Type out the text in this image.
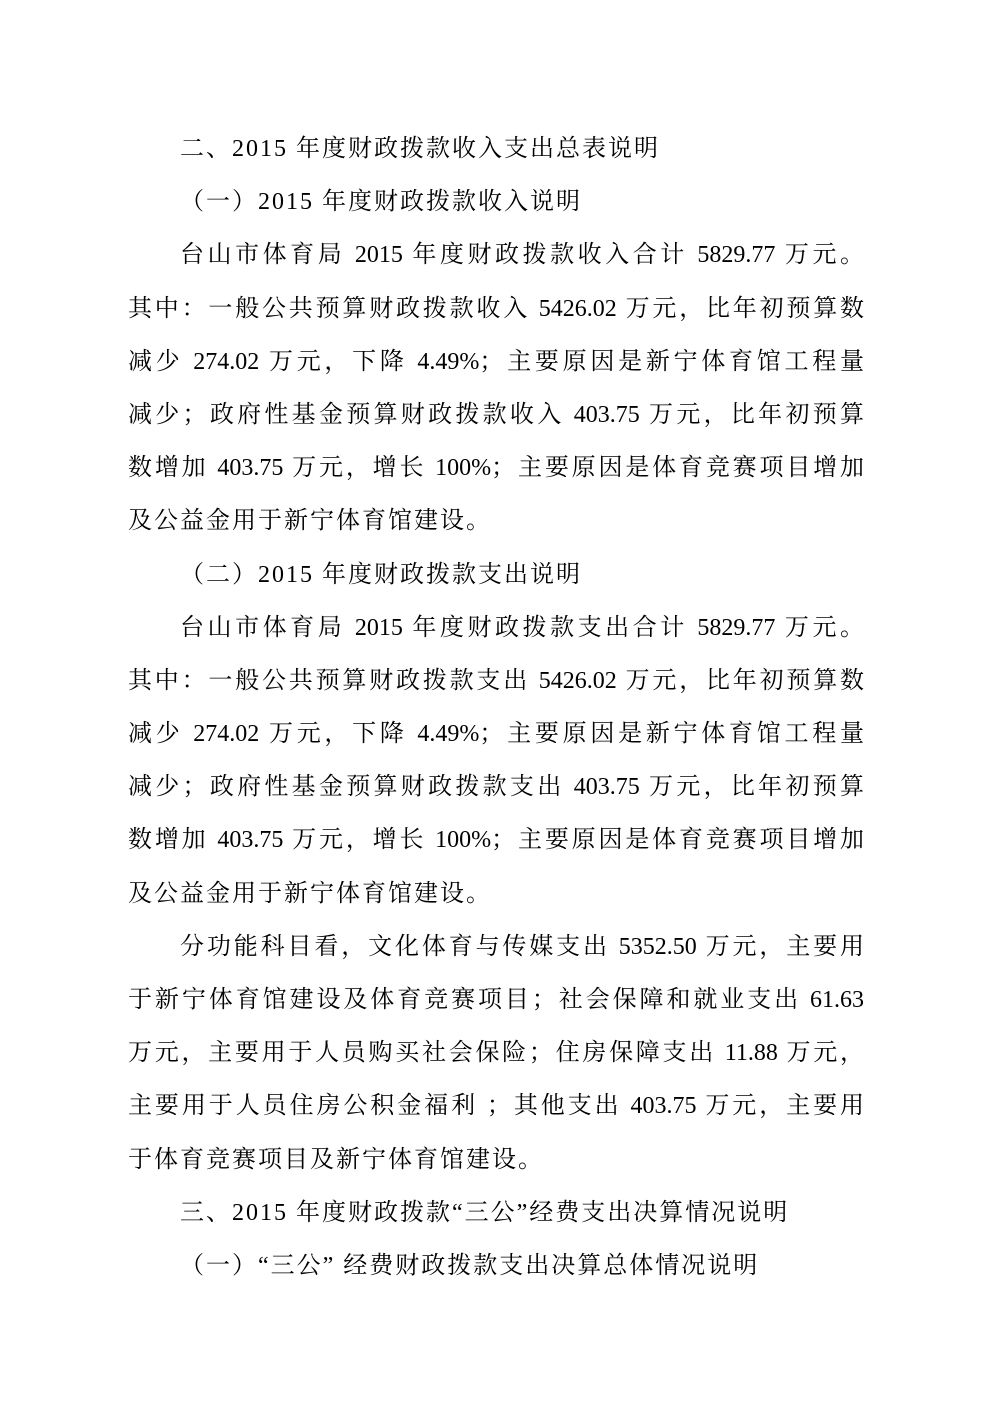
二、2015 年度财政拨款收入支出总表说明
（一）2015 年度财政拨款收入说明
台山市体育局 2015 年度财政拨款收入合计 5829.77 万元。
其中：一般公共预算财政拨款收入 5426.02 万元，比年初预算数
减少 274.02 万元，下降 4.49%；主要原因是新宁体育馆工程量
减少；政府性基金预算财政拨款收入 403.75 万元，比年初预算
数增加 403.75 万元，增长 100%；主要原因是体育竞赛项目增加
及公益金用于新宁体育馆建设。
（二）2015 年度财政拨款支出说明
台山市体育局 2015 年度财政拨款支出合计 5829.77 万元。
其中：一般公共预算财政拨款支出 5426.02 万元，比年初预算数
减少 274.02 万元，下降 4.49%；主要原因是新宁体育馆工程量
减少；政府性基金预算财政拨款支出 403.75 万元，比年初预算
数增加 403.75 万元，增长 100%；主要原因是体育竞赛项目增加
及公益金用于新宁体育馆建设。
分功能科目看，文化体育与传媒支出 5352.50 万元，主要用
于新宁体育馆建设及体育竞赛项目；社会保障和就业支出 61.63
万元，主要用于人员购买社会保险；住房保障支出 11.88 万元，
主要用于人员住房公积金福利 ；其他支出 403.75 万元，主要用
于体育竞赛项目及新宁体育馆建设。
三、2015 年度财政拨款“三公”经费支出决算情况说明
（一）“三公” 经费财政拨款支出决算总体情况说明
